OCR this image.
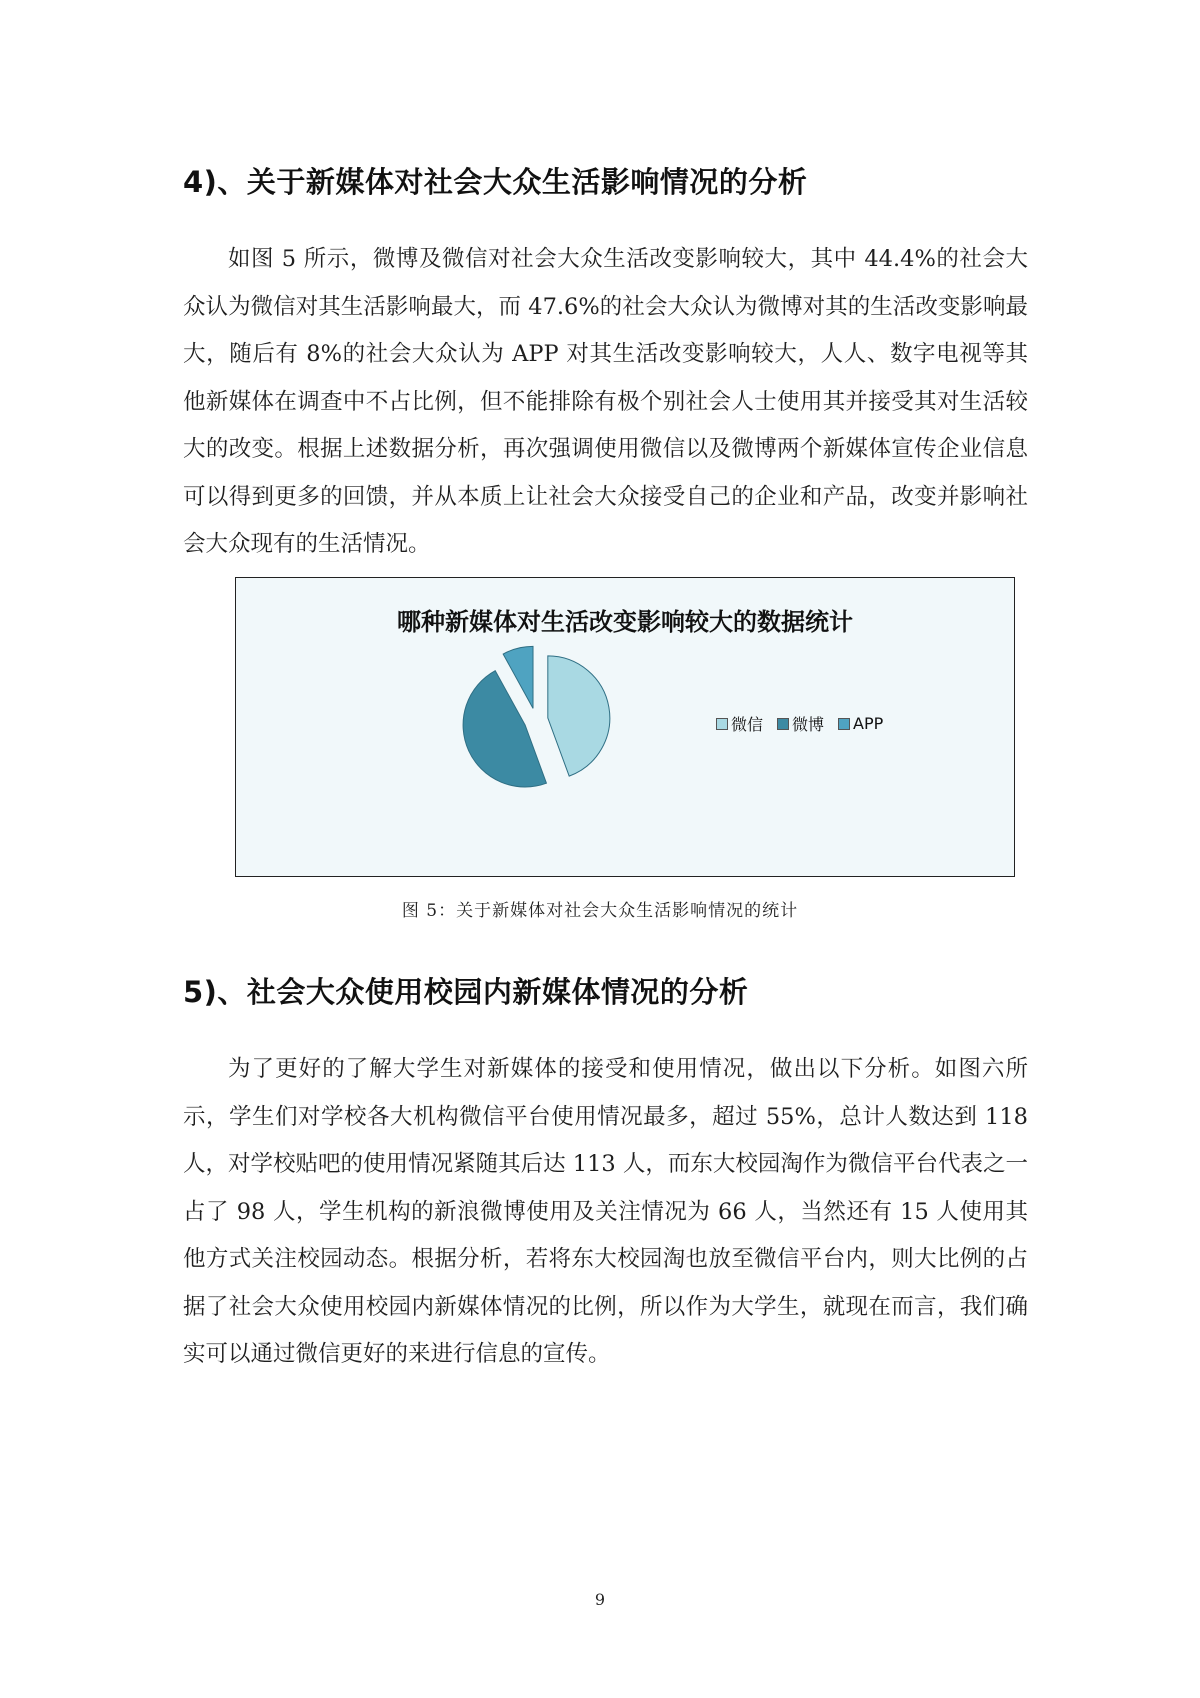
4)、关于新媒体对社会大众生活影响情况的分析

如图 5 所示，微博及微信对社会大众生活改变影响较大，其中 44.4%的社会大众认为微信对其生活影响最大，而 47.6%的社会大众认为微博对其的生活改变影响最大，随后有 8%的社会大众认为 APP 对其生活改变影响较大，人人、数字电视等其他新媒体在调查中不占比例，但不能排除有极个别社会人士使用其并接受其对生活较大的改变。根据上述数据分析，再次强调使用微信以及微博两个新媒体宣传企业信息可以得到更多的回馈，并从本质上让社会大众接受自己的企业和产品，改变并影响社会大众现有的生活情况。

哪种新媒体对生活改变影响较大的数据统计
微信 微博 APP
图 5：关于新媒体对社会大众生活影响情况的统计
5)、社会大众使用校园内新媒体情况的分析

为了更好的了解大学生对新媒体的接受和使用情况，做出以下分析。如图六所示，学生们对学校各大机构微信平台使用情况最多，超过 55%，总计人数达到 118 人，对学校贴吧的使用情况紧随其后达 113 人，而东大校园淘作为微信平台代表之一占了 98 人，学生机构的新浪微博使用及关注情况为 66 人，当然还有 15 人使用其他方式关注校园动态。根据分析，若将东大校园淘也放至微信平台内，则大比例的占据了社会大众使用校园内新媒体情况的比例，所以作为大学生，就现在而言，我们确实可以通过微信更好的来进行信息的宣传。

9
